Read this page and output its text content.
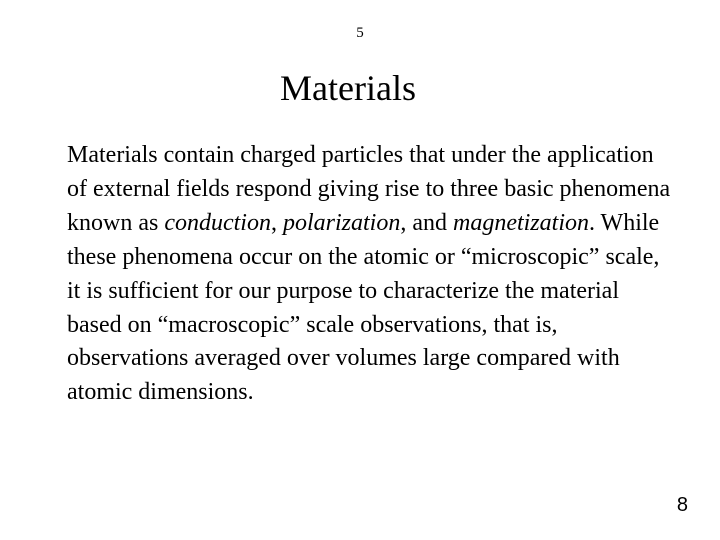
5
Materials

Materials contain charged particles that under the application of external fields respond giving rise to three basic phenomena known as conduction, polarization, and magnetization. While these phenomena occur on the atomic or “microscopic” scale, it is sufficient for our purpose to characterize the material based on “macroscopic” scale observations, that is, observations averaged over volumes large compared with atomic dimensions.

8
